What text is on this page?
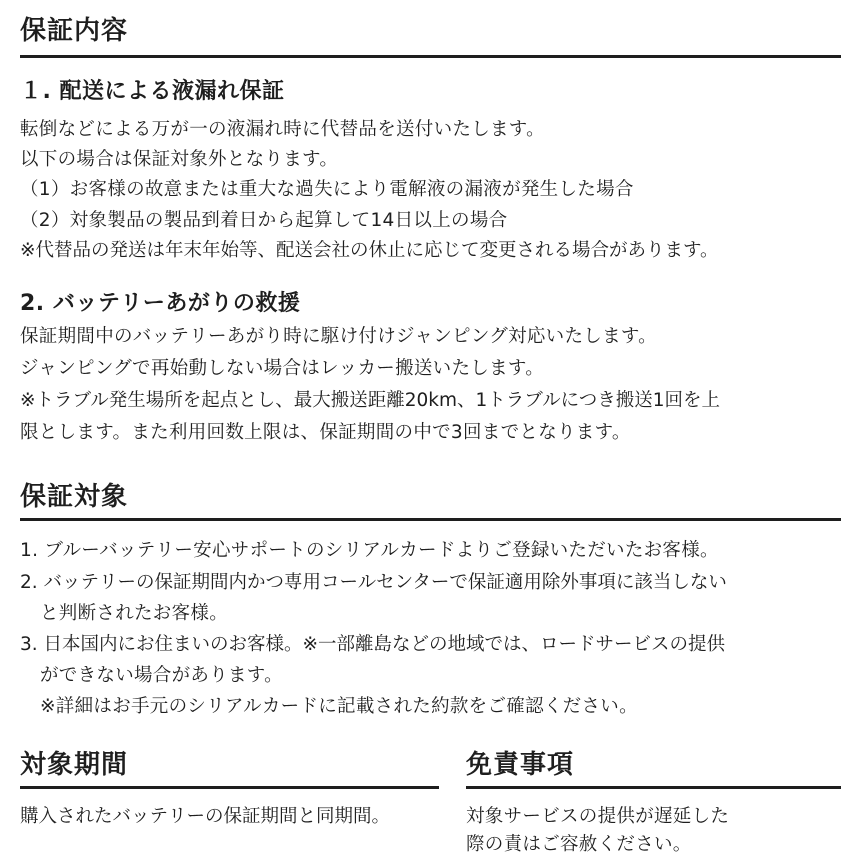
保証内容
１. 配送による液漏れ保証
転倒などによる万が一の液漏れ時に代替品を送付いたします。
以下の場合は保証対象外となります。
（1）お客様の故意または重大な過失により電解液の漏液が発生した場合
（2）対象製品の製品到着日から起算して14日以上の場合
※代替品の発送は年末年始等、配送会社の休止に応じて変更される場合があります。
2. バッテリーあがりの救援
保証期間中のバッテリーあがり時に駆け付けジャンピング対応いたします。
ジャンピングで再始動しない場合はレッカー搬送いたします。
※トラブル発生場所を起点とし、最大搬送距離20km、1トラブルにつき搬送1回を上
限とします。また利用回数上限は、保証期間の中で3回までとなります。
保証対象
1. ブルーバッテリー安心サポートのシリアルカードよりご登録いただいたお客様。
2. バッテリーの保証期間内かつ専用コールセンターで保証適用除外事項に該当しない
と判断されたお客様。
3. 日本国内にお住まいのお客様。※一部離島などの地域では、ロードサービスの提供
ができない場合があります。
※詳細はお手元のシリアルカードに記載された約款をご確認ください。
対象期間
購入されたバッテリーの保証期間と同期間。
免責事項
対象サービスの提供が遅延した
際の責はご容赦ください。
